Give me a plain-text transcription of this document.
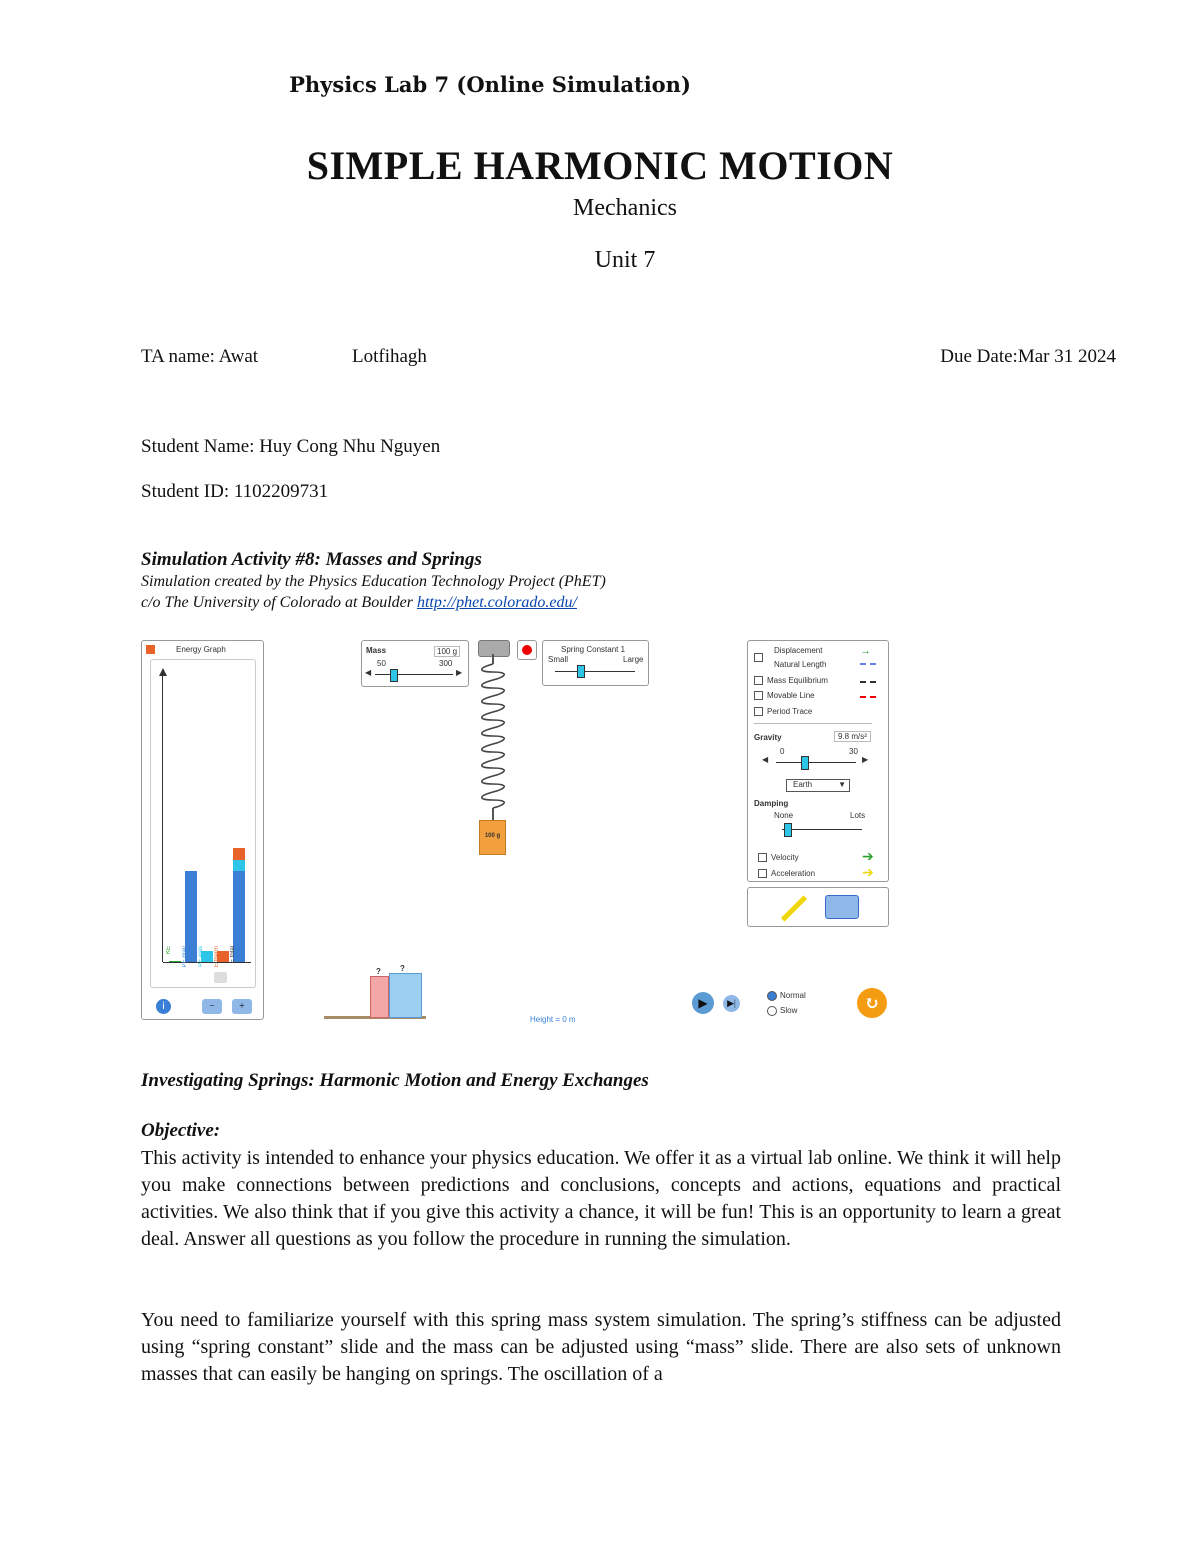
Physics Lab 7 (Online Simulation)
SIMPLE HARMONIC MOTION
Mechanics
Unit 7
TA name: Awat	Lotfihagh	Due Date:Mar 31 2024
Student Name: Huy Cong Nhu Nguyen
Student ID: 1102209731
Simulation Activity #8: Masses and Springs
Simulation created by the Physics Education Technology Project (PhET)
c/o The University of Colorado at Boulder http://phet.colorado.edu/
Energy Graph
KE PE grav PE elas E therm E total
i	−	+
Mass	100 g
50	300
◀	▶
100 g
Spring Constant 1
Small	Large
Displacement
Natural Length
→
Mass Equilibrium
Movable Line
Period Trace
Gravity	9.8 m/s²
0	30
◀	▶
Earth	▼
Damping
None	Lots
Velocity	➔
Acceleration	➔
? ?
Height = 0 m
▶	▶|
Normal
Slow	↻
Investigating Springs: Harmonic Motion and Energy Exchanges
Objective:
This activity is intended to enhance your physics education. We offer it as a virtual lab online. We think it will help you make connections between predictions and conclusions, concepts and actions, equations and practical activities. We also think that if you give this activity a chance, it will be fun! This is an opportunity to learn a great deal. Answer all questions as you follow the procedure in running the simulation.
You need to familiarize yourself with this spring mass system simulation. The spring’s stiffness can be adjusted using “spring constant” slide and the mass can be adjusted using “mass” slide. There are also sets of unknown masses that can easily be hanging on springs. The oscillation of a
